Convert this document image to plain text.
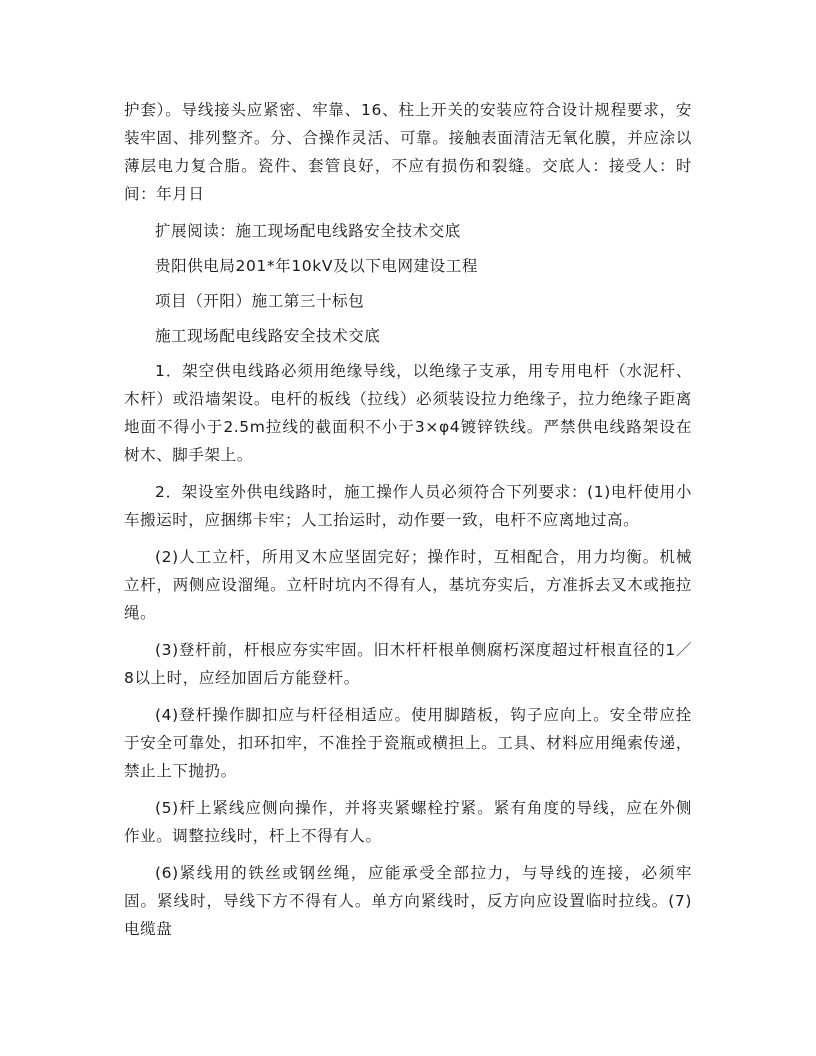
护套）。导线接头应紧密、牢靠、16、柱上开关的安装应符合设计规程要求，安装牢固、排列整齐。分、合操作灵活、可靠。接触表面清洁无氧化膜，并应涂以薄层电力复合脂。瓷件、套管良好，不应有损伤和裂缝。交底人：接受人：时间：年月日

扩展阅读：施工现场配电线路安全技术交底

贵阳供电局201*年10kV及以下电网建设工程

项目（开阳）施工第三十标包

施工现场配电线路安全技术交底

1．架空供电线路必须用绝缘导线，以绝缘子支承，用专用电杆（水泥杆、木杆）或沿墙架设。电杆的板线（拉线）必须装设拉力绝缘子，拉力绝缘子距离地面不得小于2.5m拉线的截面积不小于3×φ4镀锌铁线。严禁供电线路架设在树木、脚手架上。

2．架设室外供电线路时，施工操作人员必须符合下列要求：(1)电杆使用小车搬运时，应捆绑卡牢；人工抬运时，动作要一致，电杆不应离地过高。

(2)人工立杆，所用叉木应坚固完好；操作时，互相配合，用力均衡。机械立杆，两侧应设溜绳。立杆时坑内不得有人，基坑夯实后，方准拆去叉木或拖拉绳。

(3)登杆前，杆根应夯实牢固。旧木杆杆根单侧腐朽深度超过杆根直径的1／8以上时，应经加固后方能登杆。

(4)登杆操作脚扣应与杆径相适应。使用脚踏板，钩子应向上。安全带应拴于安全可靠处，扣环扣牢，不准拴于瓷瓶或横担上。工具、材料应用绳索传递，禁止上下抛扔。

(5)杆上紧线应侧向操作，并将夹紧螺栓拧紧。紧有角度的导线，应在外侧作业。调整拉线时，杆上不得有人。

(6)紧线用的铁丝或钢丝绳，应能承受全部拉力，与导线的连接，必须牢固。紧线时，导线下方不得有人。单方向紧线时，反方向应设置临时拉线。(7)电缆盘
